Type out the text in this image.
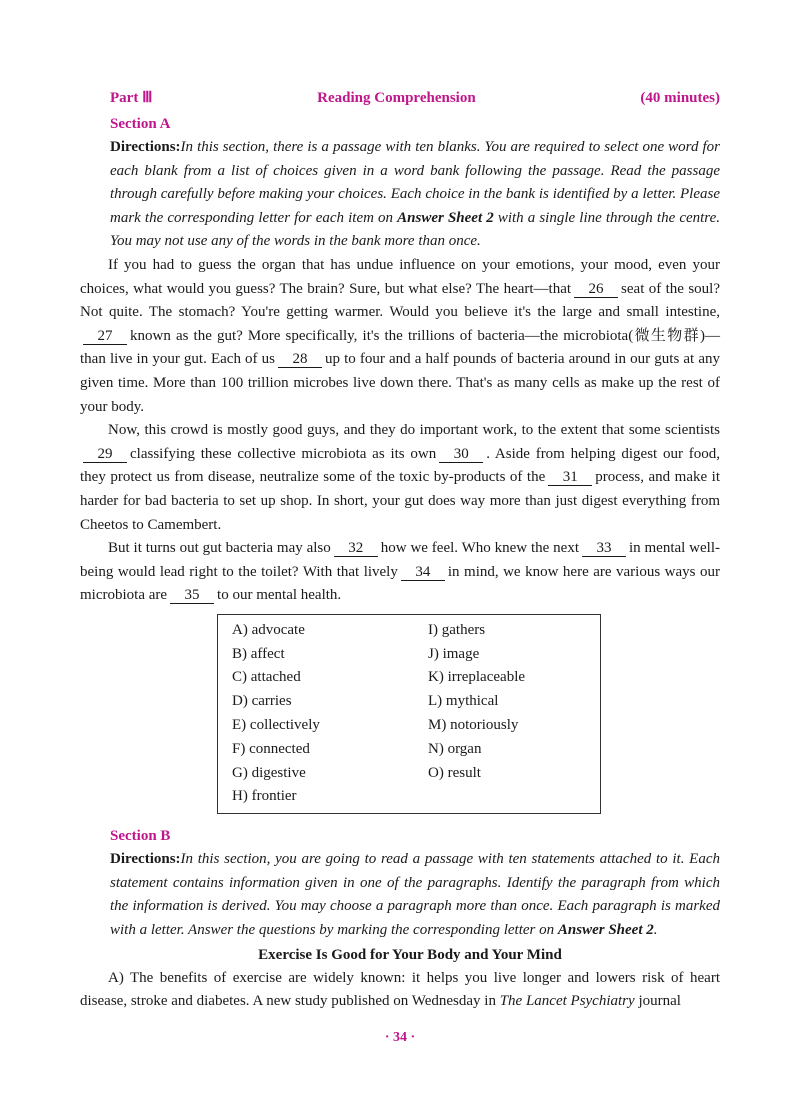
Part Ⅲ	Reading Comprehension	(40 minutes)
Section A

Directions:In this section, there is a passage with ten blanks. You are required to select one word for each blank from a list of choices given in a word bank following the passage. Read the passage through carefully before making your choices. Each choice in the bank is identified by a letter. Please mark the corresponding letter for each item on Answer Sheet 2 with a single line through the centre. You may not use any of the words in the bank more than once.

If you had to guess the organ that has undue influence on your emotions, your mood, even your choices, what would you guess? The brain? Sure, but what else? The heart—that 26 seat of the soul? Not quite. The stomach? You're getting warmer. Would you believe it's the large and small intestine,27 known as the gut? More specifically, it's the trillions of bacteria—the microbiota(微生物群)—than live in your gut. Each of us 28 up to four and a half pounds of bacteria around in our guts at any given time. More than 100 trillion microbes live down there. That's as many cells as make up the rest of your body.

Now, this crowd is mostly good guys, and they do important work, to the extent that some scientists29 classifying these collective microbiota as its own 30 . Aside from helping digest our food, they protect us from disease, neutralize some of the toxic by-products of the 31 process, and make it harder for bad bacteria to set up shop. In short, your gut does way more than just digest everything from Cheetos to Camembert.

But it turns out gut bacteria may also 32 how we feel. Who knew the next 33 in mental well-being would lead right to the toilet? With that lively 34 in mind, we know here are various ways our microbiota are 35 to our mental health.

A) advocate
B) affect
C) attached
D) carries
E) collectively
F) connected
G) digestive
H) frontier
I) gathers
J) image
K) irreplaceable
L) mythical
M) notoriously
N) organ
O) result
Section B

Directions:In this section, you are going to read a passage with ten statements attached to it. Each statement contains information given in one of the paragraphs. Identify the paragraph from which the information is derived. You may choose a paragraph more than once. Each paragraph is marked with a letter. Answer the questions by marking the corresponding letter on Answer Sheet 2.

Exercise Is Good for Your Body and Your Mind

A) The benefits of exercise are widely known: it helps you live longer and lowers risk of heart disease, stroke and diabetes. A new study published on Wednesday in The Lancet Psychiatry journal

· 34 ·
